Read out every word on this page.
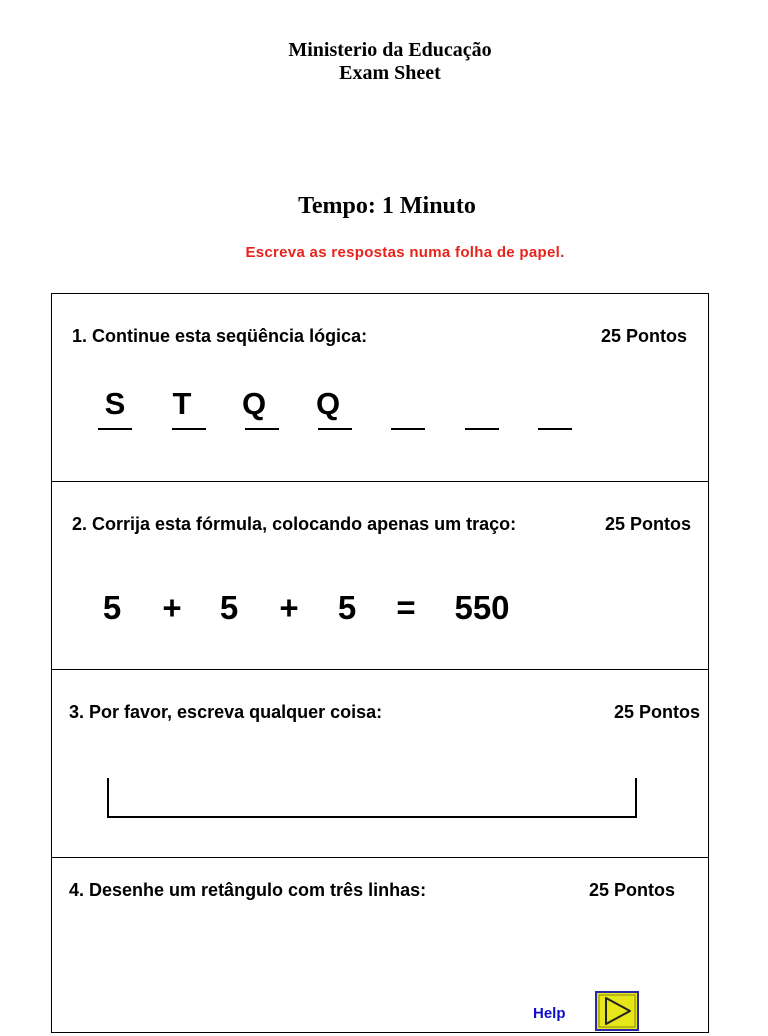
Ministerio da Educação
Exam Sheet
Tempo: 1 Minuto
Escreva as respostas numa folha de papel.
1. Continue esta seqüência lógica:	25 Pontos
S	T	Q Q
2. Corrija esta fórmula, colocando apenas um traço:	25 Pontos
5	+	5	+	5	=	550
3. Por favor, escreva qualquer coisa:	25 Pontos
4. Desenhe um retângulo com três linhas:	25 Pontos
Help
